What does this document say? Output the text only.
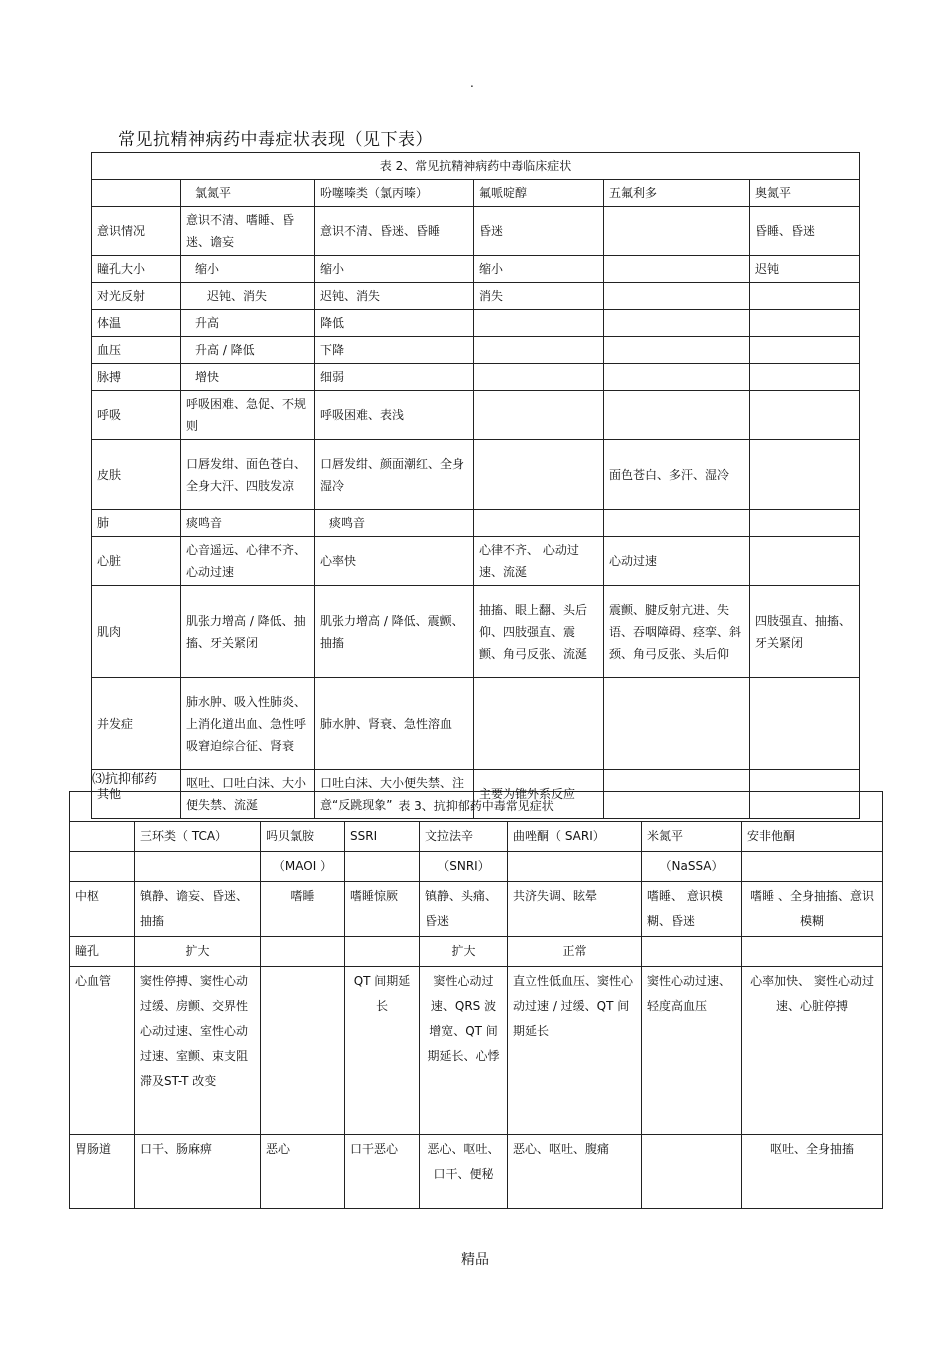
.
常见抗精神病药中毒症状表现（见下表）
表 2、常见抗精神病药中毒临床症状					
	氯氮平	吩噻嗪类（氯丙嗪）	氟哌啶醇	五氟利多	奥氮平
意识情况	意识不清、嗜睡、昏迷、谵妄	意识不清、昏迷、昏睡	昏迷		昏睡、昏迷
瞳孔大小	缩小	缩小	缩小		迟钝
对光反射	迟钝、消失	迟钝、消失	消失		
体温	升高	降低			
血压	升高 / 降低	下降			
脉搏	增快	细弱			
呼吸	呼吸困难、急促、不规则	呼吸困难、表浅			
皮肤	口唇发绀、面色苍白、全身大汗、四肢发凉	口唇发绀、颜面潮红、全身湿冷		面色苍白、多汗、湿冷	
肺	痰鸣音	痰鸣音			
心脏	心音遥远、心律不齐、心动过速	心率快	心律不齐、 心动过速、流涎	心动过速	
肌肉	肌张力增高 / 降低、抽搐、牙关紧闭	肌张力增高 / 降低、震颤、抽搐	抽搐、眼上翻、头后仰、四肢强直、震颤、角弓反张、流涎	震颤、腱反射亢进、失语、吞咽障碍、痉挛、斜颈、角弓反张、头后仰	四肢强直、抽搐、牙关紧闭
并发症	肺水肿、吸入性肺炎、上消化道出血、急性呼吸窘迫综合征、肾衰	肺水肿、肾衰、急性溶血			
其他	呕吐、口吐白沫、大小便失禁、流涎	口吐白沫、大小便失禁、注意“反跳现象”	主要为锥外系反应		
⑶抗抑郁药
表 3、抗抑郁药中毒常见症状							
	三环类（ TCA）	吗贝氯胺	SSRI	文拉法辛	曲唑酮（ SARI）	米氮平	安非他酮
		（MAOI ）		（SNRI）		（NaSSA）	
中枢	镇静、谵妄、昏迷、抽搐	嗜睡	嗜睡惊厥	镇静、头痛、昏迷	共济失调、眩晕	嗜睡、 意识模糊、昏迷	嗜睡 、全身抽搐、意识模糊
瞳孔	扩大			扩大	正常		
心血管	窦性停搏、窦性心动过缓、房颤、交界性心动过速、室性心动过速、室颤、束支阻滞及ST-T 改变		QT 间期延长	窦性心动过速、QRS 波增宽、QT 间期延长、心悸	直立性低血压、窦性心动过速 / 过缓、QT 间期延长	窦性心动过速、轻度高血压	心率加快、 窦性心动过速、心脏停搏
胃肠道	口干、肠麻痹	恶心	口干恶心	恶心、呕吐、口干、便秘	恶心、呕吐、腹痛		呕吐、全身抽搐
精品
